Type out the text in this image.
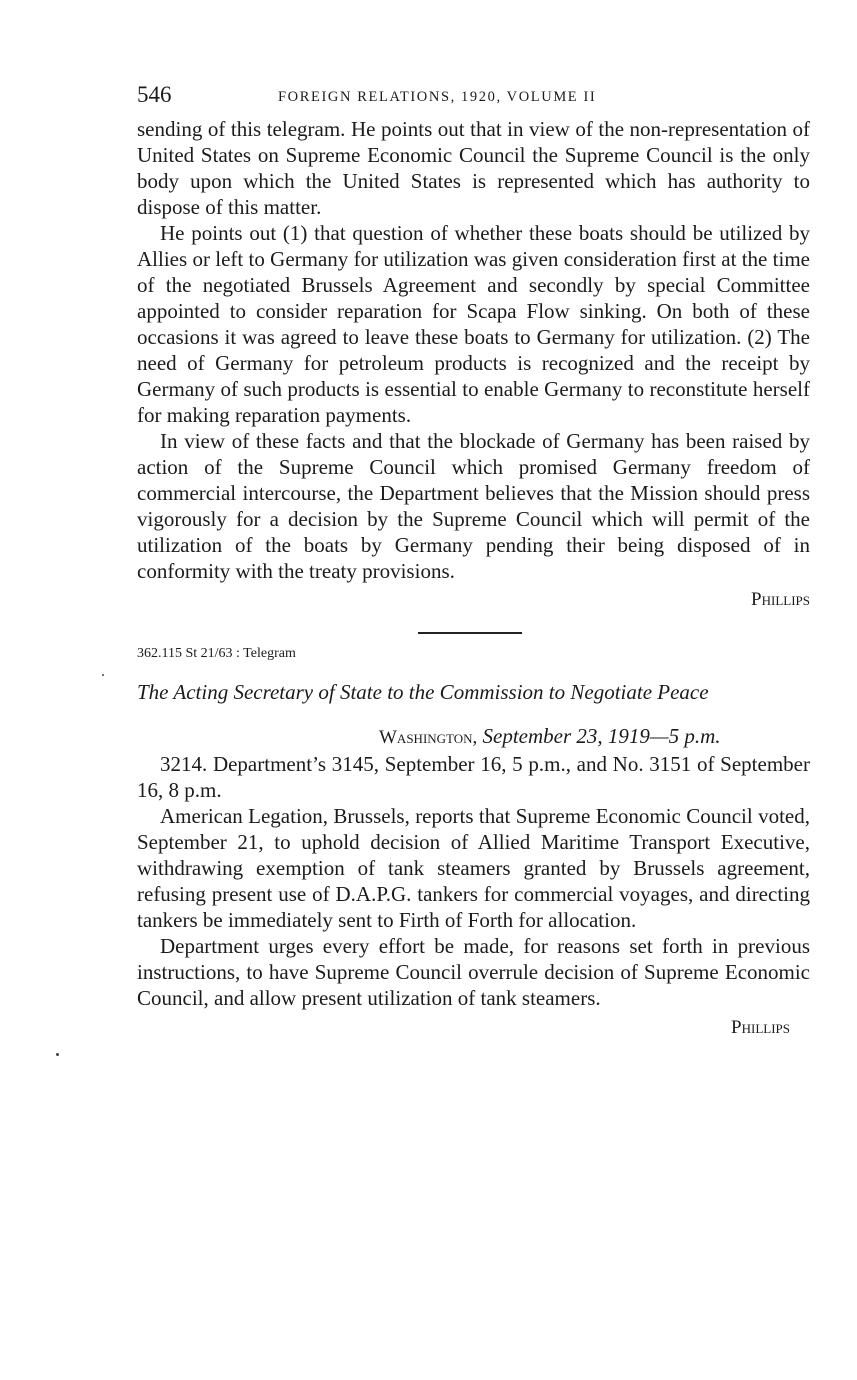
546	FOREIGN RELATIONS, 1920, VOLUME II

sending of this telegram. He points out that in view of the non-representation of United States on Supreme Economic Council the Supreme Council is the only body upon which the United States is represented which has authority to dispose of this matter.

He points out (1) that question of whether these boats should be utilized by Allies or left to Germany for utilization was given consideration first at the time of the negotiated Brussels Agreement and secondly by special Committee appointed to consider reparation for Scapa Flow sinking. On both of these occasions it was agreed to leave these boats to Germany for utilization. (2) The need of Germany for petroleum products is recognized and the receipt by Germany of such products is essential to enable Germany to reconstitute herself for making reparation payments.

In view of these facts and that the blockade of Germany has been raised by action of the Supreme Council which promised Germany freedom of commercial intercourse, the Department believes that the Mission should press vigorously for a decision by the Supreme Council which will permit of the utilization of the boats by Germany pending their being disposed of in conformity with the treaty provisions.

Phillips
362.115 St 21/63 : Telegram
The Acting Secretary of State to the Commission to Negotiate Peace
Washington, September 23, 1919—5 p.m.

3214. Department’s 3145, September 16, 5 p.m., and No. 3151 of September 16, 8 p.m.

American Legation, Brussels, reports that Supreme Economic Council voted, September 21, to uphold decision of Allied Maritime Transport Executive, withdrawing exemption of tank steamers granted by Brussels agreement, refusing present use of D.A.P.G. tankers for commercial voyages, and directing tankers be immediately sent to Firth of Forth for allocation.

Department urges every effort be made, for reasons set forth in previous instructions, to have Supreme Council overrule decision of Supreme Economic Council, and allow present utilization of tank steamers.

Phillips
